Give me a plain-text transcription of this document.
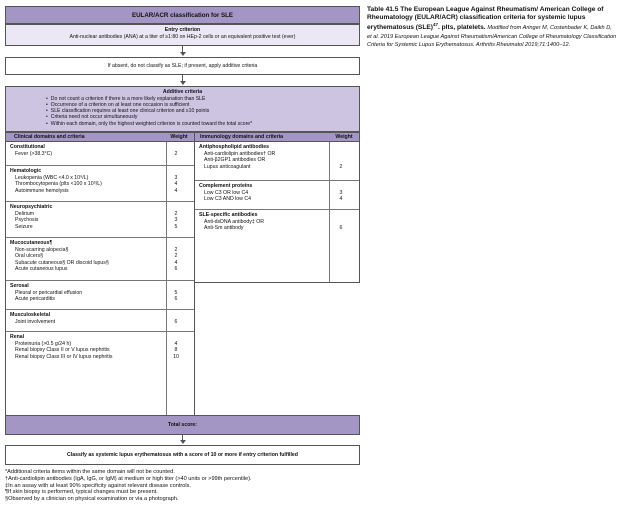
EULAR/ACR classification for SLE
Entry criterion
Anti-nuclear antibodies (ANA) at a titer of ≥1:80 on HEp-2 cells or an equivalent positive test (ever)
If absent, do not classify as SLE; if present, apply additive criteria
Additive criteria
• Do not count a criterion if there is a more likely explanation than SLE
• Occurrence of a criterion on at least one occasion is sufficient
• SLE classification requires at least one clinical criterion and ≥10 points
• Criteria need not occur simultaneously
• Within each domain, only the highest weighted criterion is counted toward the total score*
Clinical domains and criteria	Weight	Immunology domains and criteria	Weight
Constitutional
Fever (>38.3°C)	2
Hematologic
Leukopenia (WBC <4.0 x 10⁹/L)	3
Thrombocytopenia (plts <100 x 10⁹/L)	4
Autoimmune hemolysis	4
Neuropsychiatric
Delirium	2
Psychosis	3
Seizure	5
Mucocutaneous¶
Non-scarring alopecia§	2
Oral ulcers§	2
Subacute cutaneous§ OR discoid lupus§	4
Acute cutaneous lupus	6
Serosal
Pleural or pericardial effusion	5
Acute pericarditis	6
Musculoskeletal
Joint involvement	6
Renal
Proteinuria (>0.5 g/24 h)	4
Renal biopsy Class II or V lupus nephritis	8
Renal biopsy Class III or IV lupus nephritis	10
Antiphospholipid antibodies
Anti-cardiolipin antibodies† OR
Anti-β2GP1 antibodies OR
Lupus anticoagulant	2
Complement proteins
Low C3 OR low C4	3
Low C3 AND low C4	4
SLE-specific antibodies
Anti-dsDNA antibody‡ OR
Anti-Sm antibody	6
Total score:
Classify as systemic lupus erythematosus with a score of 10 or more if entry criterion fulfilled
*Additional criteria items within the same domain will not be counted.
†Anti-cardiolipin antibodies (IgA, IgG, or IgM) at medium or high titer (>40 units or >99th percentile).
‡In an assay with at least 90% specificity against relevant disease controls.
¶If skin biopsy is performed, typical changes must be present.
§Observed by a clinician on physical examination or via a photograph.
Table 41.5 The European League Against Rheumatism/ American College of Rheumatology (EULAR/ACR) classification criteria for systemic lupus erythematosus (SLE)$^{47}$. plts, platelets. Modified from Aringer M, Costenbader K, Daikh D, et al. 2019 European League Against Rheumatism/American College of Rheumatology Classification Criteria for Systemic Lupus Erythematosus. Arthritis Rheumatol 2019;71:1400–12.
